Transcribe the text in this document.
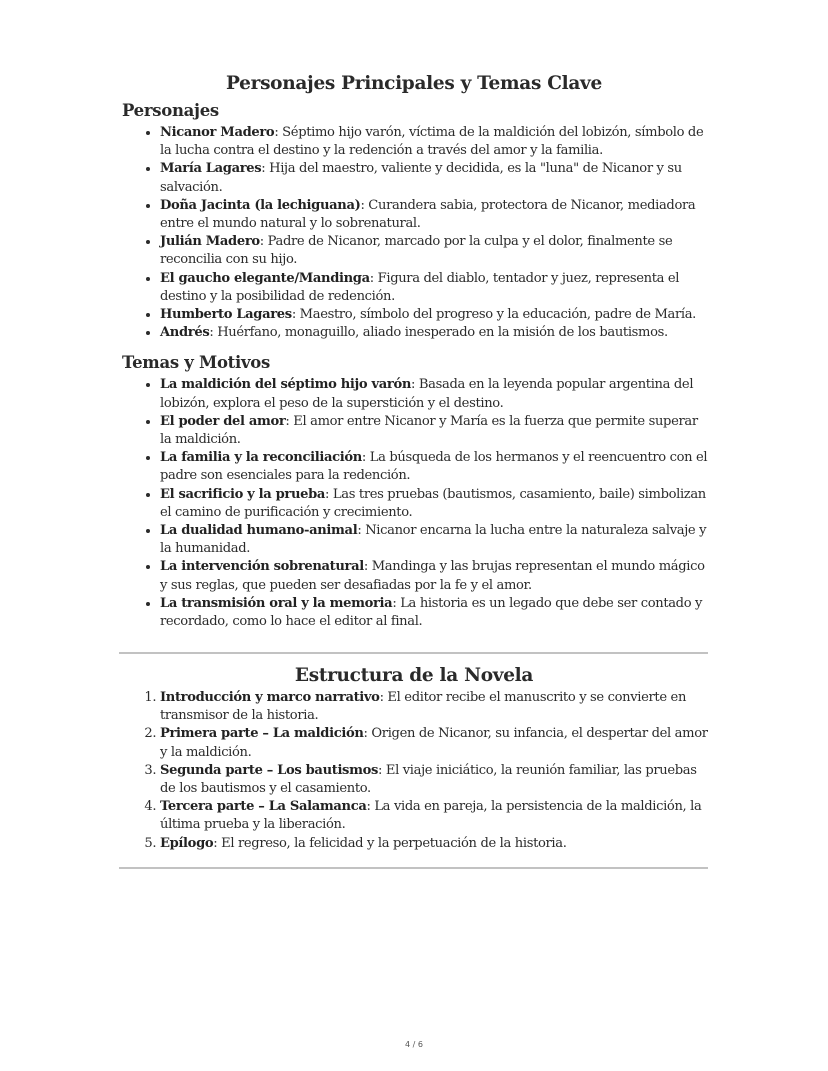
Personajes Principales y Temas Clave
Personajes
• Nicanor Madero: Séptimo hijo varón, víctima de la maldición del lobizón, símbolo de la lucha contra el destino y la redención a través del amor y la familia.
• María Lagares: Hija del maestro, valiente y decidida, es la "luna" de Nicanor y su salvación.
• Doña Jacinta (la lechiguana): Curandera sabia, protectora de Nicanor, mediadora entre el mundo natural y lo sobrenatural.
• Julián Madero: Padre de Nicanor, marcado por la culpa y el dolor, finalmente se reconcilia con su hijo.
• El gaucho elegante/Mandinga: Figura del diablo, tentador y juez, representa el destino y la posibilidad de redención.
• Humberto Lagares: Maestro, símbolo del progreso y la educación, padre de María.
• Andrés: Huérfano, monaguillo, aliado inesperado en la misión de los bautismos.
Temas y Motivos
• La maldición del séptimo hijo varón: Basada en la leyenda popular argentina del lobizón, explora el peso de la superstición y el destino.
• El poder del amor: El amor entre Nicanor y María es la fuerza que permite superar la maldición.
• La familia y la reconciliación: La búsqueda de los hermanos y el reencuentro con el padre son esenciales para la redención.
• El sacrificio y la prueba: Las tres pruebas (bautismos, casamiento, baile) simbolizan el camino de purificación y crecimiento.
• La dualidad humano-animal: Nicanor encarna la lucha entre la naturaleza salvaje y la humanidad.
• La intervención sobrenatural: Mandinga y las brujas representan el mundo mágico y sus reglas, que pueden ser desafiadas por la fe y el amor.
• La transmisión oral y la memoria: La historia es un legado que debe ser contado y recordado, como lo hace el editor al final.
Estructura de la Novela
1. Introducción y marco narrativo: El editor recibe el manuscrito y se convierte en transmisor de la historia.
2. Primera parte – La maldición: Origen de Nicanor, su infancia, el despertar del amor y la maldición.
3. Segunda parte – Los bautismos: El viaje iniciático, la reunión familiar, las pruebas de los bautismos y el casamiento.
4. Tercera parte – La Salamanca: La vida en pareja, la persistencia de la maldición, la última prueba y la liberación.
5. Epílogo: El regreso, la felicidad y la perpetuación de la historia.
4 / 6
